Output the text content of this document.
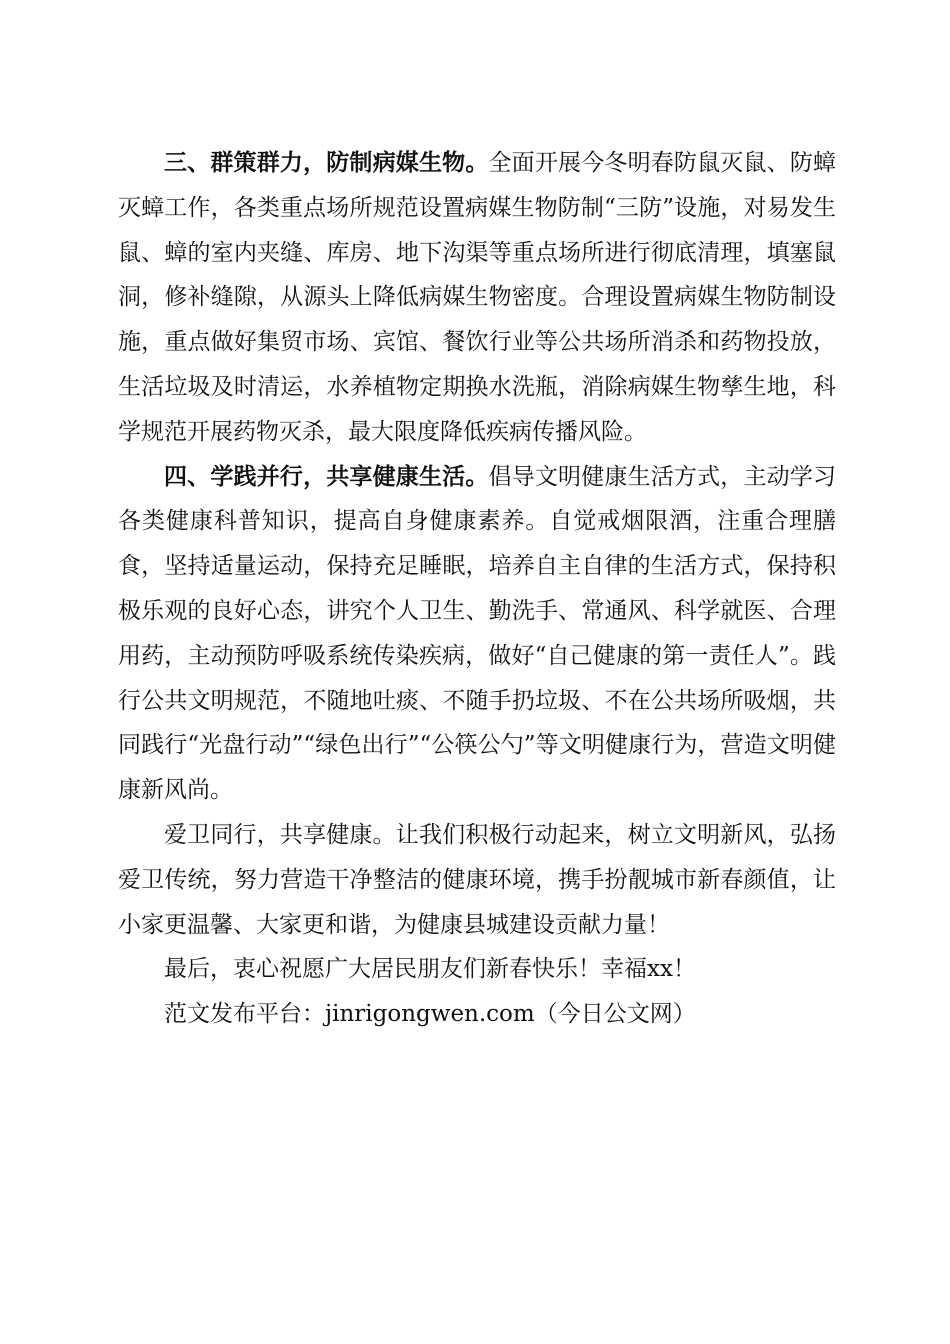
三、群策群力，防制病媒生物。全面开展今冬明春防鼠灭鼠、防蟑灭蟑工作，各类重点场所规范设置病媒生物防制“三防”设施，对易发生鼠、蟑的室内夹缝、库房、地下沟渠等重点场所进行彻底清理，填塞鼠洞，修补缝隙，从源头上降低病媒生物密度。合理设置病媒生物防制设施，重点做好集贸市场、宾馆、餐饮行业等公共场所消杀和药物投放，生活垃圾及时清运，水养植物定期换水洗瓶，消除病媒生物孳生地，科学规范开展药物灭杀，最大限度降低疾病传播风险。

四、学践并行，共享健康生活。倡导文明健康生活方式，主动学习各类健康科普知识，提高自身健康素养。自觉戒烟限酒，注重合理膳食，坚持适量运动，保持充足睡眠，培养自主自律的生活方式，保持积极乐观的良好心态，讲究个人卫生、勤洗手、常通风、科学就医、合理用药，主动预防呼吸系统传染疾病，做好“自己健康的第一责任人”。践行公共文明规范，不随地吐痰、不随手扔垃圾、不在公共场所吸烟，共同践行“光盘行动”“绿色出行”“公筷公勺”等文明健康行为，营造文明健康新风尚。

爱卫同行，共享健康。让我们积极行动起来，树立文明新风，弘扬爱卫传统，努力营造干净整洁的健康环境，携手扮靓城市新春颜值，让小家更温馨、大家更和谐，为健康县城建设贡献力量！

最后，衷心祝愿广大居民朋友们新春快乐！幸福xx！

范文发布平台：jinrigongwen.com（今日公文网）
